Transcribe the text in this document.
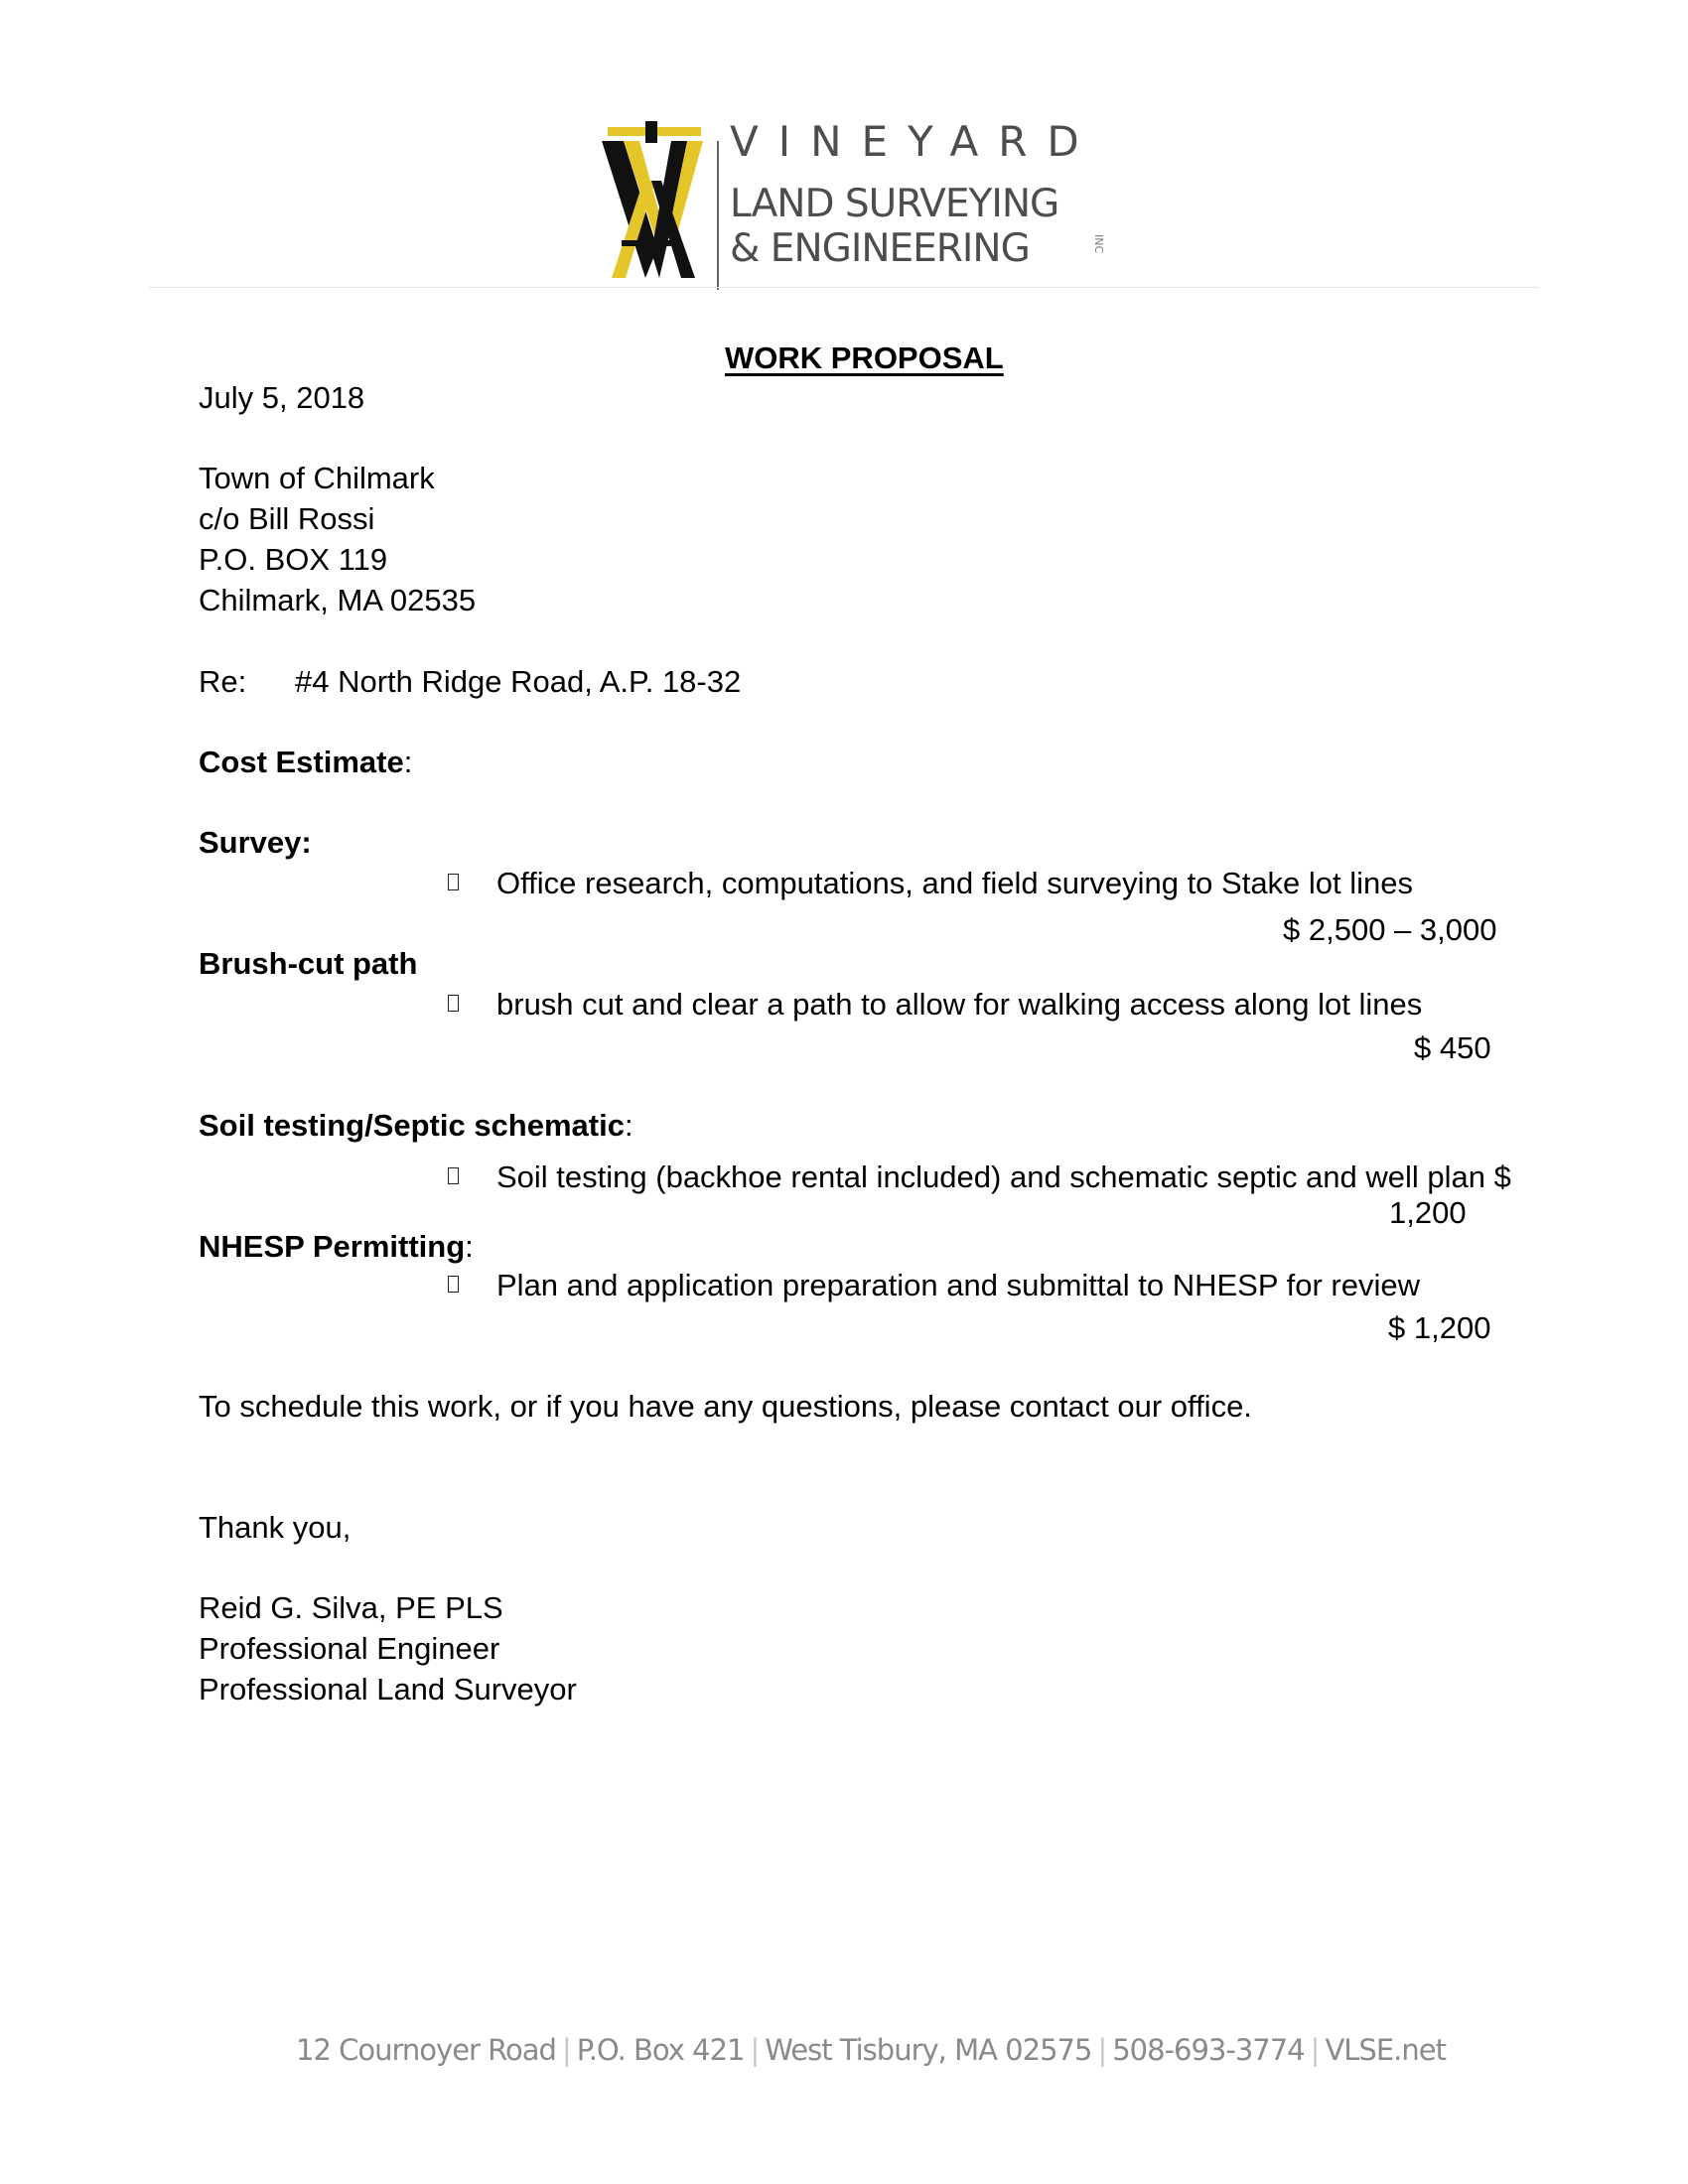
VINEYARD
LAND SURVEYING
& ENGINEERING	INC
WORK PROPOSAL
July 5, 2018
Town of Chilmark
c/o Bill Rossi
P.O. BOX 119
Chilmark, MA 02535
Re: #4 North Ridge Road, A.P. 18-32
Cost Estimate:
Survey:
Office research, computations, and field surveying to Stake lot lines
$ 2,500 – 3,000
Brush-cut path
brush cut and clear a path to allow for walking access along lot lines
$ 450
Soil testing/Septic schematic:
Soil testing (backhoe rental included) and schematic septic and well plan $
1,200
NHESP Permitting:
Plan and application preparation and submittal to NHESP for review
$ 1,200
To schedule this work, or if you have any questions, please contact our office.
Thank you,
Reid G. Silva, PE PLS
Professional Engineer
Professional Land Surveyor
12 Cournoyer Road | P.O. Box 421 | West Tisbury, MA 02575 | 508-693-3774 | VLSE.net
